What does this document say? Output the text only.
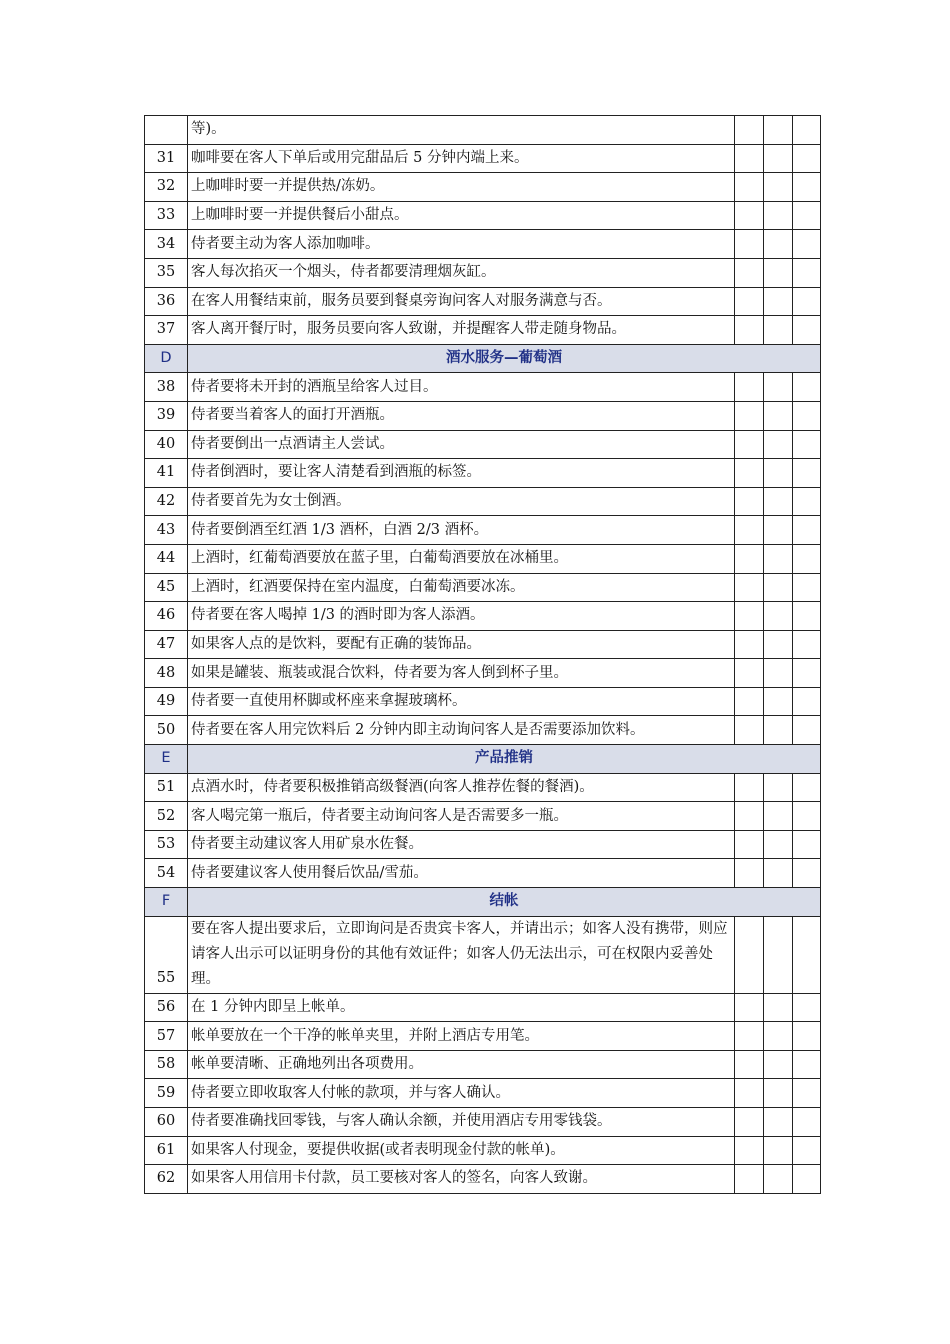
	等)。			
31	咖啡要在客人下单后或用完甜品后 5 分钟内端上来。			
32	上咖啡时要一并提供热/冻奶。			
33	上咖啡时要一并提供餐后小甜点。			
34	侍者要主动为客人添加咖啡。			
35	客人每次掐灭一个烟头，侍者都要清理烟灰缸。			
36	在客人用餐结束前，服务员要到餐桌旁询问客人对服务满意与否。			
37	客人离开餐厅时，服务员要向客人致谢，并提醒客人带走随身物品。			
D	酒水服务—葡萄酒			
38	侍者要将未开封的酒瓶呈给客人过目。			
39	侍者要当着客人的面打开酒瓶。			
40	侍者要倒出一点酒请主人尝试。			
41	侍者倒酒时，要让客人清楚看到酒瓶的标签。			
42	侍者要首先为女士倒酒。			
43	侍者要倒酒至红酒 1/3 酒杯，白酒 2/3 酒杯。			
44	上酒时，红葡萄酒要放在蓝子里，白葡萄酒要放在冰桶里。			
45	上酒时，红酒要保持在室内温度，白葡萄酒要冰冻。			
46	侍者要在客人喝掉 1/3 的酒时即为客人添酒。			
47	如果客人点的是饮料，要配有正确的装饰品。			
48	如果是罐装、瓶装或混合饮料，侍者要为客人倒到杯子里。			
49	侍者要一直使用杯脚或杯座来拿握玻璃杯。			
50	侍者要在客人用完饮料后 2 分钟内即主动询问客人是否需要添加饮料。			
E	产品推销			
51	点酒水时，侍者要积极推销高级餐酒(向客人推荐佐餐的餐酒)。			
52	客人喝完第一瓶后，侍者要主动询问客人是否需要多一瓶。			
53	侍者要主动建议客人用矿泉水佐餐。			
54	侍者要建议客人使用餐后饮品/雪茄。			
F	结帐			
55	要在客人提出要求后，立即询问是否贵宾卡客人，并请出示；如客人没有携带，则应请客人出示可以证明身份的其他有效证件；如客人仍无法出示，可在权限内妥善处理。			
56	在 1 分钟内即呈上帐单。			
57	帐单要放在一个干净的帐单夹里，并附上酒店专用笔。			
58	帐单要清晰、正确地列出各项费用。			
59	侍者要立即收取客人付帐的款项，并与客人确认。			
60	侍者要准确找回零钱，与客人确认余额，并使用酒店专用零钱袋。			
61	如果客人付现金，要提供收据(或者表明现金付款的帐单)。			
62	如果客人用信用卡付款，员工要核对客人的签名，向客人致谢。			
